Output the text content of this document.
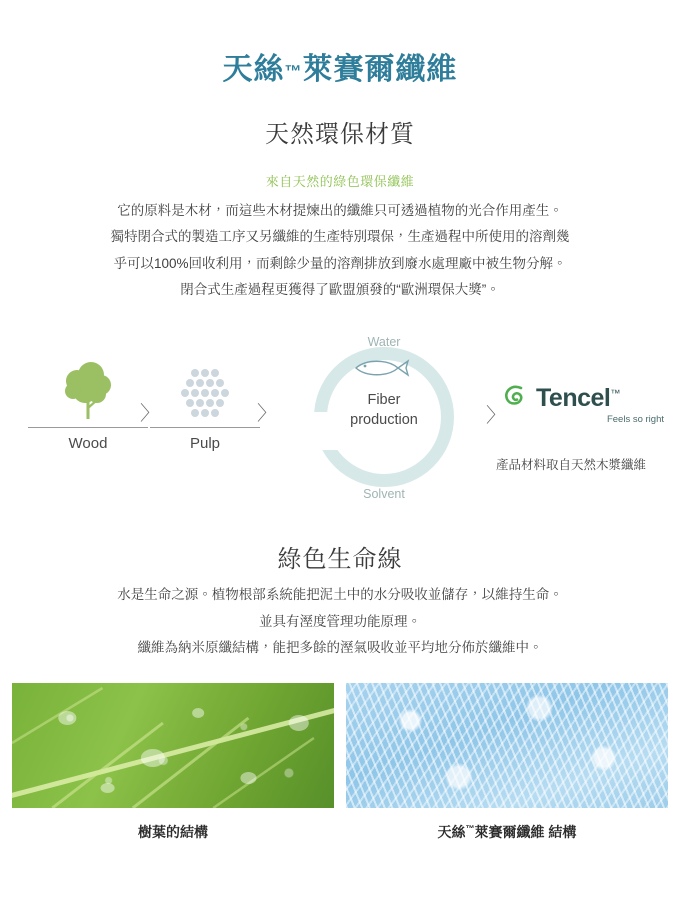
天絲™萊賽爾纖維
天然環保材質
來自天然的綠色環保纖維

它的原料是木材，而這些木材提煉出的纖維只可透過植物的光合作用產生。

獨特閉合式的製造工序又另纖維的生產特別環保，生產過程中所使用的溶劑幾

乎可以100%回收利用，而剩餘少量的溶劑排放到廢水處理廠中被生物分解。

閉合式生產過程更獲得了歐盟頒發的“歐洲環保大獎”。

Wood
〉
Pulp
〉
Water
Fiber
production
Solvent
〉
Tencel™
Feels so right
產品材料取自天然木漿纖維
綠色生命線

水是生命之源。植物根部系統能把泥土中的水分吸收並儲存，以維持生命。

並具有溼度管理功能原理。

纖維為納米原纖結構，能把多餘的溼氣吸收並平均地分佈於纖維中。

樹葉的結構	天絲™萊賽爾纖維 結構
